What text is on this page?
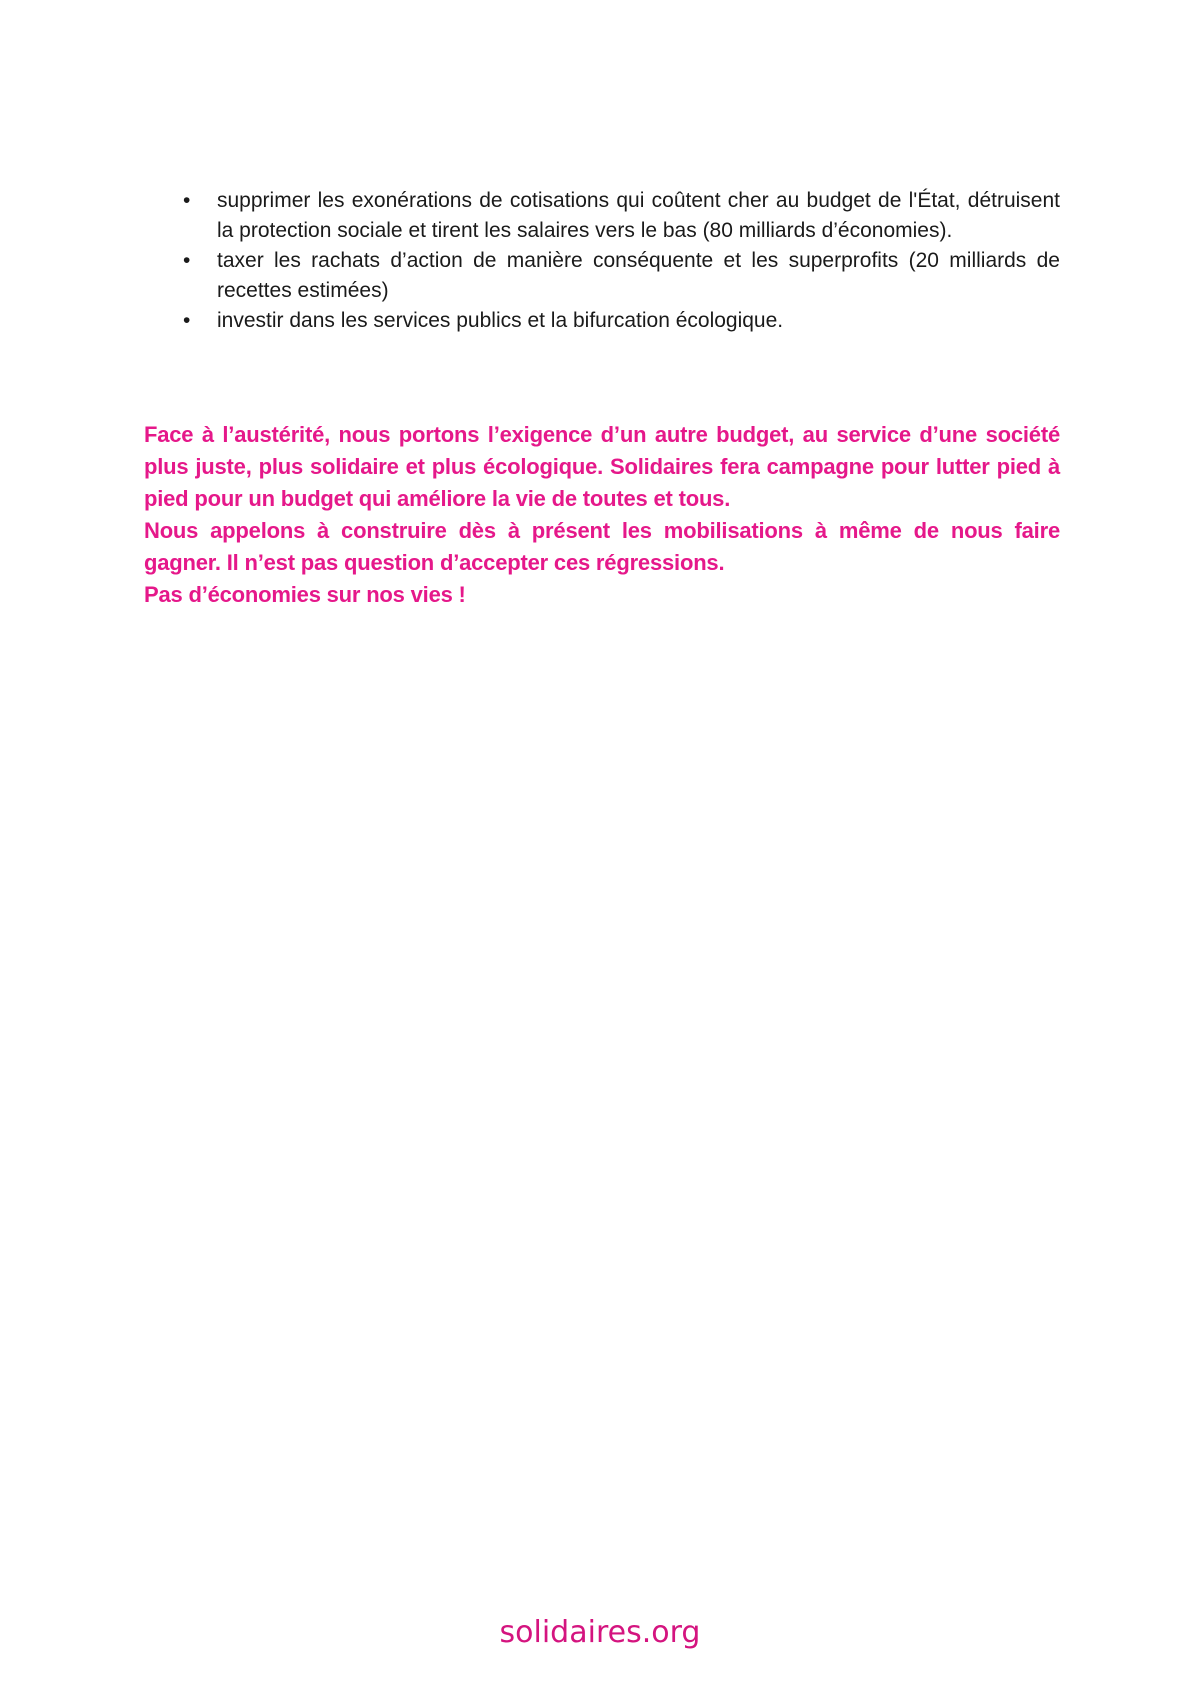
•	supprimer les exonérations de cotisations qui coûtent cher au budget de l'État, détruisent la protection sociale et tirent les salaires vers le bas (80 milliards d’économies).
•	taxer les rachats d’action de manière conséquente et les superprofits (20 milliards de recettes estimées)
•	investir dans les services publics et la bifurcation écologique.

Face à l’austérité, nous portons l’exigence d’un autre budget, au service d’une société plus juste, plus solidaire et plus écologique. Solidaires fera campagne pour lutter pied à pied pour un budget qui améliore la vie de toutes et tous.

Nous appelons à construire dès à présent les mobilisations à même de nous faire gagner. Il n’est pas question d’accepter ces régressions.

Pas d’économies sur nos vies !

solidaires.org
